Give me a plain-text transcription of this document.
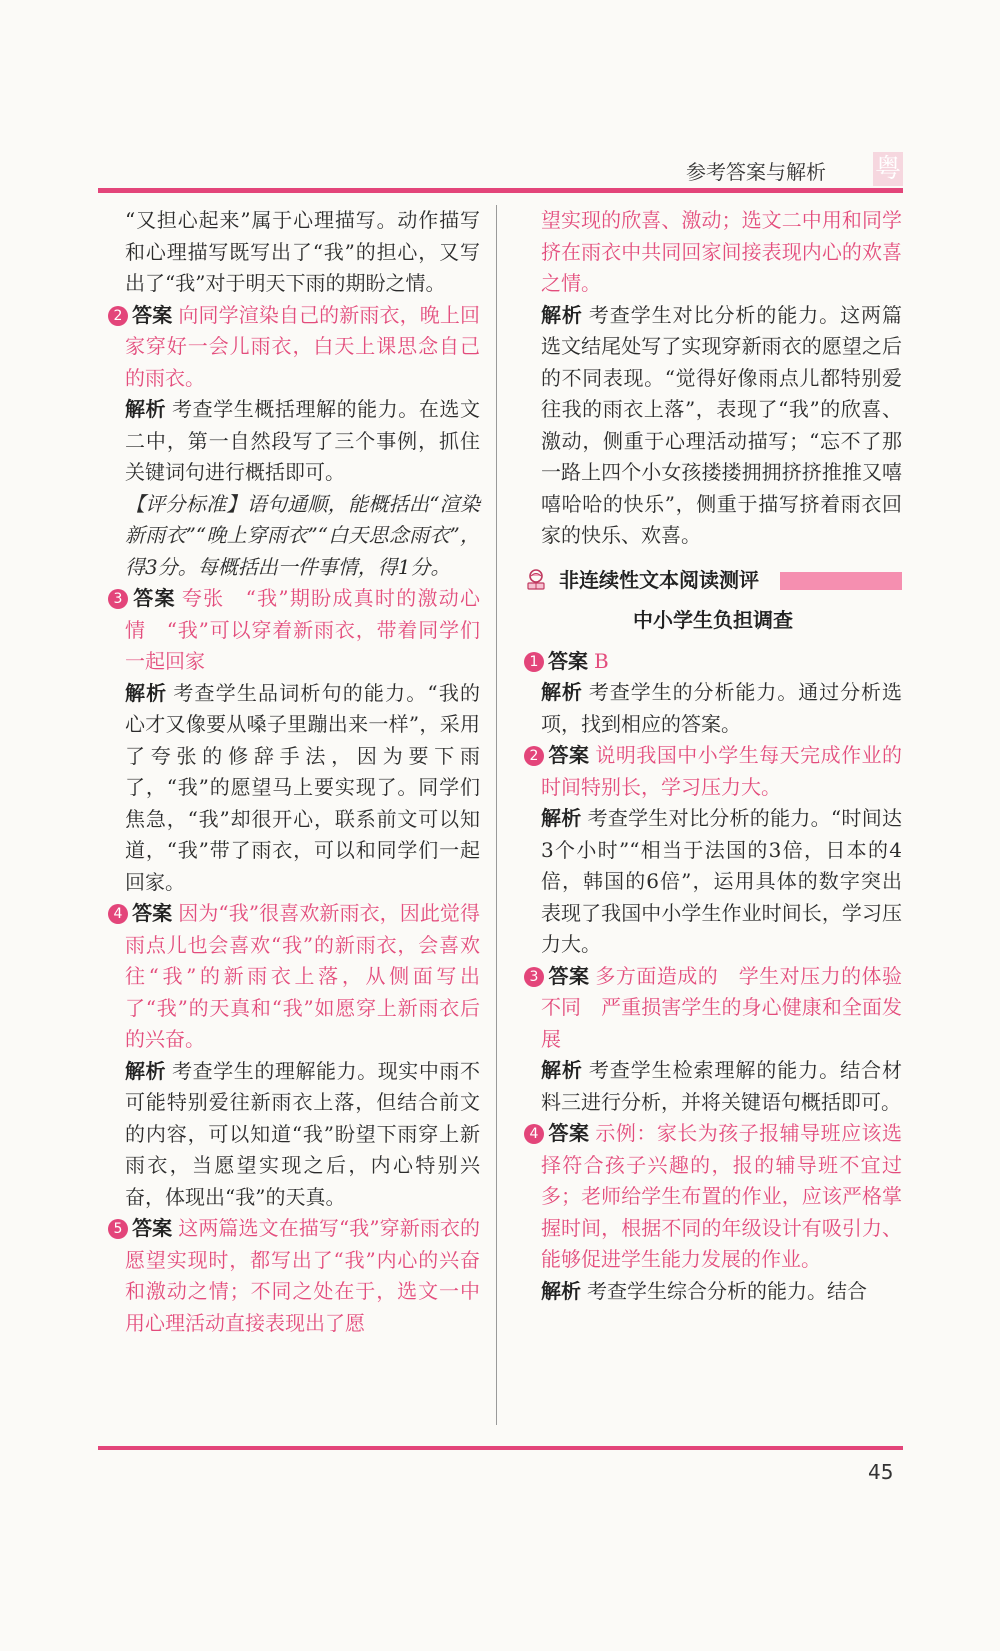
参考答案与解析 粤

“又担心起来”属于心理描写。动作描写和心理描写既写出了“我”的担心，又写出了“我”对于明天下雨的期盼之情。

2 答案 向同学渲染自己的新雨衣，晚上回家穿好一会儿雨衣，白天上课思念自己的雨衣。

解析 考查学生概括理解的能力。在选文二中，第一自然段写了三个事例，抓住关键词句进行概括即可。

【评分标准】语句通顺，能概括出“渲染新雨衣”“晚上穿雨衣”“白天思念雨衣”，得3分。每概括出一件事情，得1分。

3 答案 夸张　“我”期盼成真时的激动心情　“我”可以穿着新雨衣，带着同学们一起回家

解析 考查学生品词析句的能力。“我的心才又像要从嗓子里蹦出来一样”，采用了夸张的修辞手法，因为要下雨了，“我”的愿望马上要实现了。同学们焦急，“我”却很开心，联系前文可以知道，“我”带了雨衣，可以和同学们一起回家。

4 答案 因为“我”很喜欢新雨衣，因此觉得雨点儿也会喜欢“我”的新雨衣，会喜欢往“我”的新雨衣上落，从侧面写出了“我”的天真和“我”如愿穿上新雨衣后的兴奋。

解析 考查学生的理解能力。现实中雨不可能特别爱往新雨衣上落，但结合前文的内容，可以知道“我”盼望下雨穿上新雨衣，当愿望实现之后，内心特别兴奋，体现出“我”的天真。

5 答案 这两篇选文在描写“我”穿新雨衣的愿望实现时，都写出了“我”内心的兴奋和激动之情；不同之处在于，选文一中用心理活动直接表现出了愿

望实现的欣喜、激动；选文二中用和同学挤在雨衣中共同回家间接表现内心的欢喜之情。

解析 考查学生对比分析的能力。这两篇选文结尾处写了实现穿新雨衣的愿望之后的不同表现。“觉得好像雨点儿都特别爱往我的雨衣上落”，表现了“我”的欣喜、激动，侧重于心理活动描写；“忘不了那一路上四个小女孩搂搂拥拥挤挤推推又嘻嘻哈哈的快乐”，侧重于描写挤着雨衣回家的快乐、欢喜。

非连续性文本阅读测评
中小学生负担调查

1 答案 B

解析 考查学生的分析能力。通过分析选项，找到相应的答案。

2 答案 说明我国中小学生每天完成作业的时间特别长，学习压力大。

解析 考查学生对比分析的能力。“时间达3个小时”“相当于法国的3倍，日本的4倍，韩国的6倍”，运用具体的数字突出表现了我国中小学生作业时间长，学习压力大。

3 答案 多方面造成的　学生对压力的体验不同　严重损害学生的身心健康和全面发展

解析 考查学生检索理解的能力。结合材料三进行分析，并将关键语句概括即可。

4 答案 示例：家长为孩子报辅导班应该选择符合孩子兴趣的，报的辅导班不宜过多；老师给学生布置的作业，应该严格掌握时间，根据不同的年级设计有吸引力、能够促进学生能力发展的作业。

解析 考查学生综合分析的能力。结合

45
